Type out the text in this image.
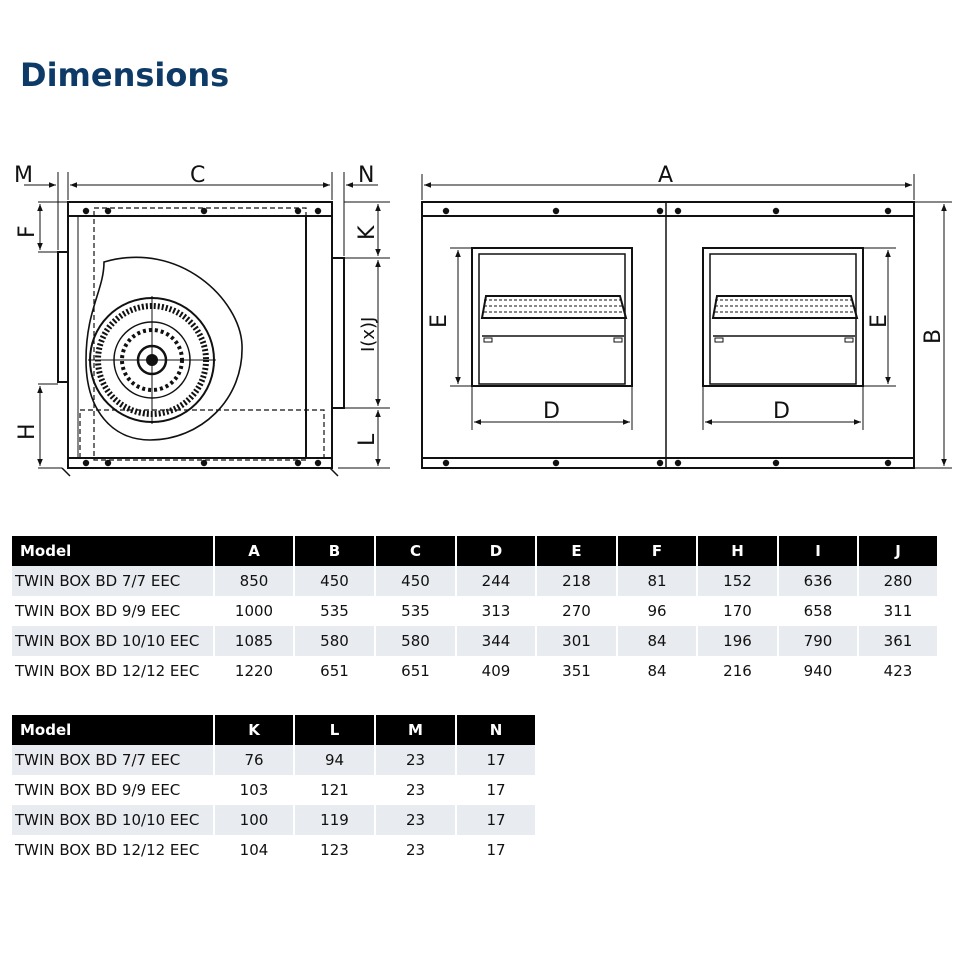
Dimensions
M	C	N
F	K
I(x)J
H	L
A
B
E	E
D	D
Model	A	B	C	D	E	F	H	I	J
TWIN BOX BD 7/7 EEC	850	450	450	244	218	81	152	636	280
TWIN BOX BD 9/9 EEC	1000	535	535	313	270	96	170	658	311
TWIN BOX BD 10/10 EEC	1085	580	580	344	301	84	196	790	361
TWIN BOX BD 12/12 EEC	1220	651	651	409	351	84	216	940	423
Model	K	L	M	N
TWIN BOX BD 7/7 EEC	76	94	23	17
TWIN BOX BD 9/9 EEC	103	121	23	17
TWIN BOX BD 10/10 EEC	100	119	23	17
TWIN BOX BD 12/12 EEC	104	123	23	17
